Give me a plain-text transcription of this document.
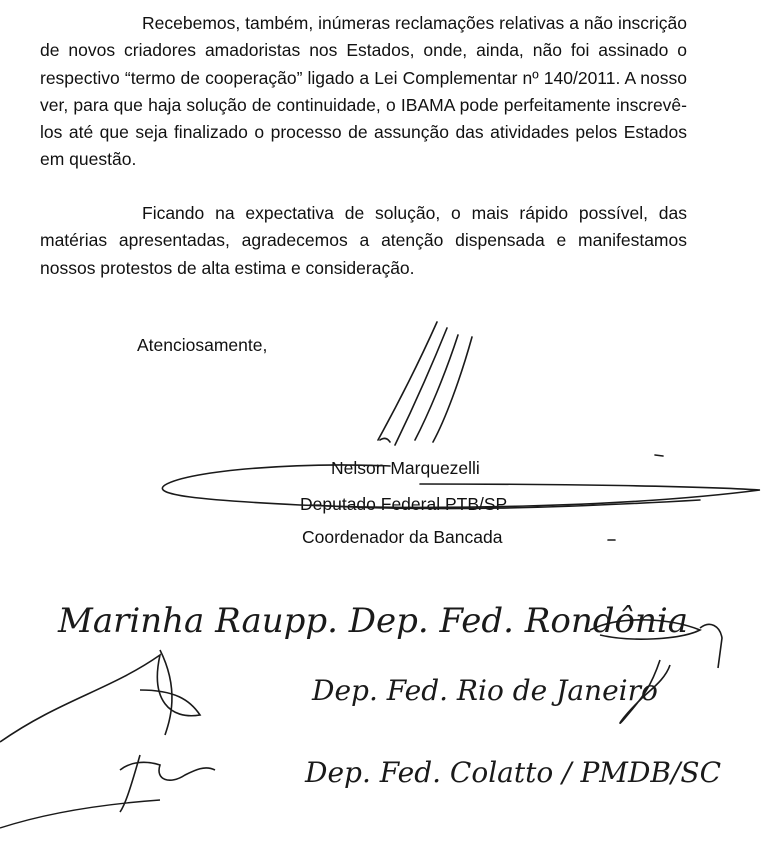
Recebemos, também, inúmeras reclamações relativas a não inscrição de novos criadores amadoristas nos Estados, onde, ainda, não foi assinado o respectivo “termo de cooperação” ligado a Lei Complementar nº 140/2011. A nosso ver, para que haja solução de continuidade, o IBAMA pode perfeitamente inscrevê-los até que seja finalizado o processo de assunção das atividades pelos Estados em questão.

Ficando na expectativa de solução, o mais rápido possível, das matérias apresentadas, agradecemos a atenção dispensada e manifestamos nossos protestos de alta estima e consideração.

Atenciosamente,
Nelson Marquezelli
Deputado Federal PTB/SP
Coordenador da Bancada
Marinha Raupp. Dep. Fed. Rondônia
Dep. Fed. Rio de Janeiro
Dep. Fed. Colatto / PMDB/SC
